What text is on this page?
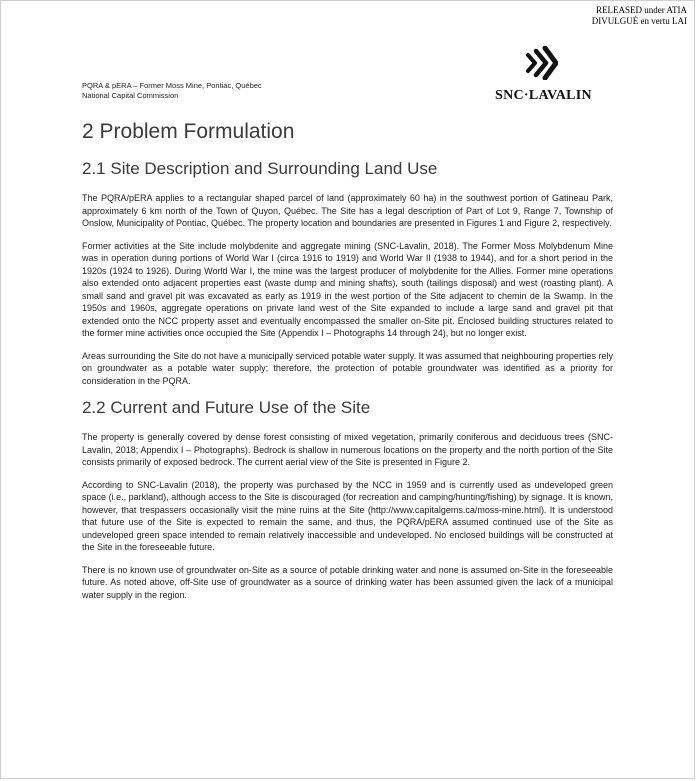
RELEASED under ATIA
DIVULGUÉ en vertu LAI
PQRA & pERA – Former Moss Mine, Pontiac, Québec
National Capital Commission	SNC·LAVALIN
2 Problem Formulation
2.1 Site Description and Surrounding Land Use

The PQRA/pERA applies to a rectangular shaped parcel of land (approximately 60 ha) in the southwest portion of Gatineau Park, approximately 6 km north of the Town of Quyon, Québec. The Site has a legal description of Part of Lot 9, Range 7, Township of Onslow, Municipality of Pontiac, Québec. The property location and boundaries are presented in Figures 1 and Figure 2, respectively.

Former activities at the Site include molybdenite and aggregate mining (SNC-Lavalin, 2018). The Former Moss Molybdenum Mine was in operation during portions of World War I (circa 1916 to 1919) and World War II (1938 to 1944), and for a short period in the 1920s (1924 to 1926). During World War I, the mine was the largest producer of molybdenite for the Allies. Former mine operations also extended onto adjacent properties east (waste dump and mining shafts), south (tailings disposal) and west (roasting plant). A small sand and gravel pit was excavated as early as 1919 in the west portion of the Site adjacent to chemin de la Swamp. In the 1950s and 1960s, aggregate operations on private land west of the Site expanded to include a large sand and gravel pit that extended onto the NCC property asset and eventually encompassed the smaller on-Site pit. Enclosed building structures related to the former mine activities once occupied the Site (Appendix I – Photographs 14 through 24), but no longer exist.

Areas surrounding the Site do not have a municipally serviced potable water supply. It was assumed that neighbouring properties rely on groundwater as a potable water supply; therefore, the protection of potable groundwater was identified as a priority for consideration in the PQRA.

2.2 Current and Future Use of the Site

The property is generally covered by dense forest consisting of mixed vegetation, primarily coniferous and deciduous trees (SNC-Lavalin, 2018; Appendix I – Photographs). Bedrock is shallow in numerous locations on the property and the north portion of the Site consists primarily of exposed bedrock. The current aerial view of the Site is presented in Figure 2.

According to SNC-Lavalin (2018), the property was purchased by the NCC in 1959 and is currently used as undeveloped green space (i.e., parkland), although access to the Site is discouraged (for recreation and camping/hunting/fishing) by signage. It is known, however, that trespassers occasionally visit the mine ruins at the Site (http://www.capitalgems.ca/moss-mine.html). It is understood that future use of the Site is expected to remain the same, and thus, the PQRA/pERA assumed continued use of the Site as undeveloped green space intended to remain relatively inaccessible and undeveloped. No enclosed buildings will be constructed at the Site in the foreseeable future.

There is no known use of groundwater on-Site as a source of potable drinking water and none is assumed on-Site in the foreseeable future. As noted above, off-Site use of groundwater as a source of drinking water has been assumed given the lack of a municipal water supply in the region.
